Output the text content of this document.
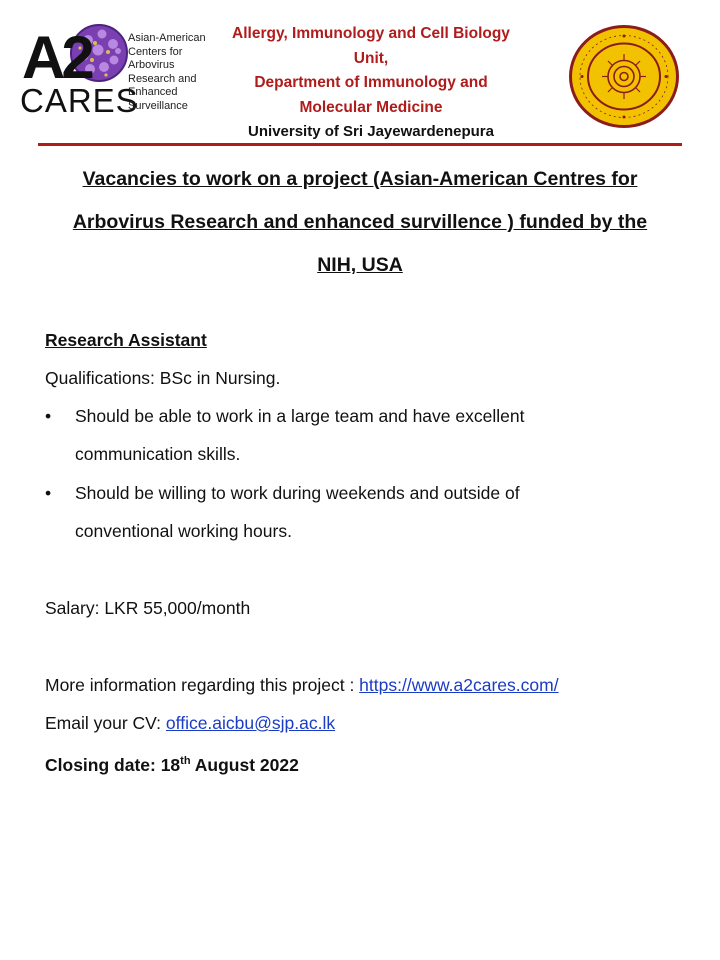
A2
CARES
Asian-American
Centers for
Arbovirus
Research and
Enhanced
Surveillance
Allergy, Immunology and Cell Biology
Unit,
Department of Immunology and
Molecular Medicine
University of Sri Jayewardenepura
Vacancies to work on a project (Asian-American Centres for
Arbovirus Research and enhanced survillence ) funded by the
NIH, USA
Research Assistant
Qualifications: BSc in Nursing.
• Should be able to work in a large team and have excellent
communication skills.
• Should be willing to work during weekends and outside of
conventional working hours.
Salary: LKR 55,000/month
More information regarding this project : https://www.a2cares.com/
Email your CV: office.aicbu@sjp.ac.lk
Closing date: 18th August 2022
